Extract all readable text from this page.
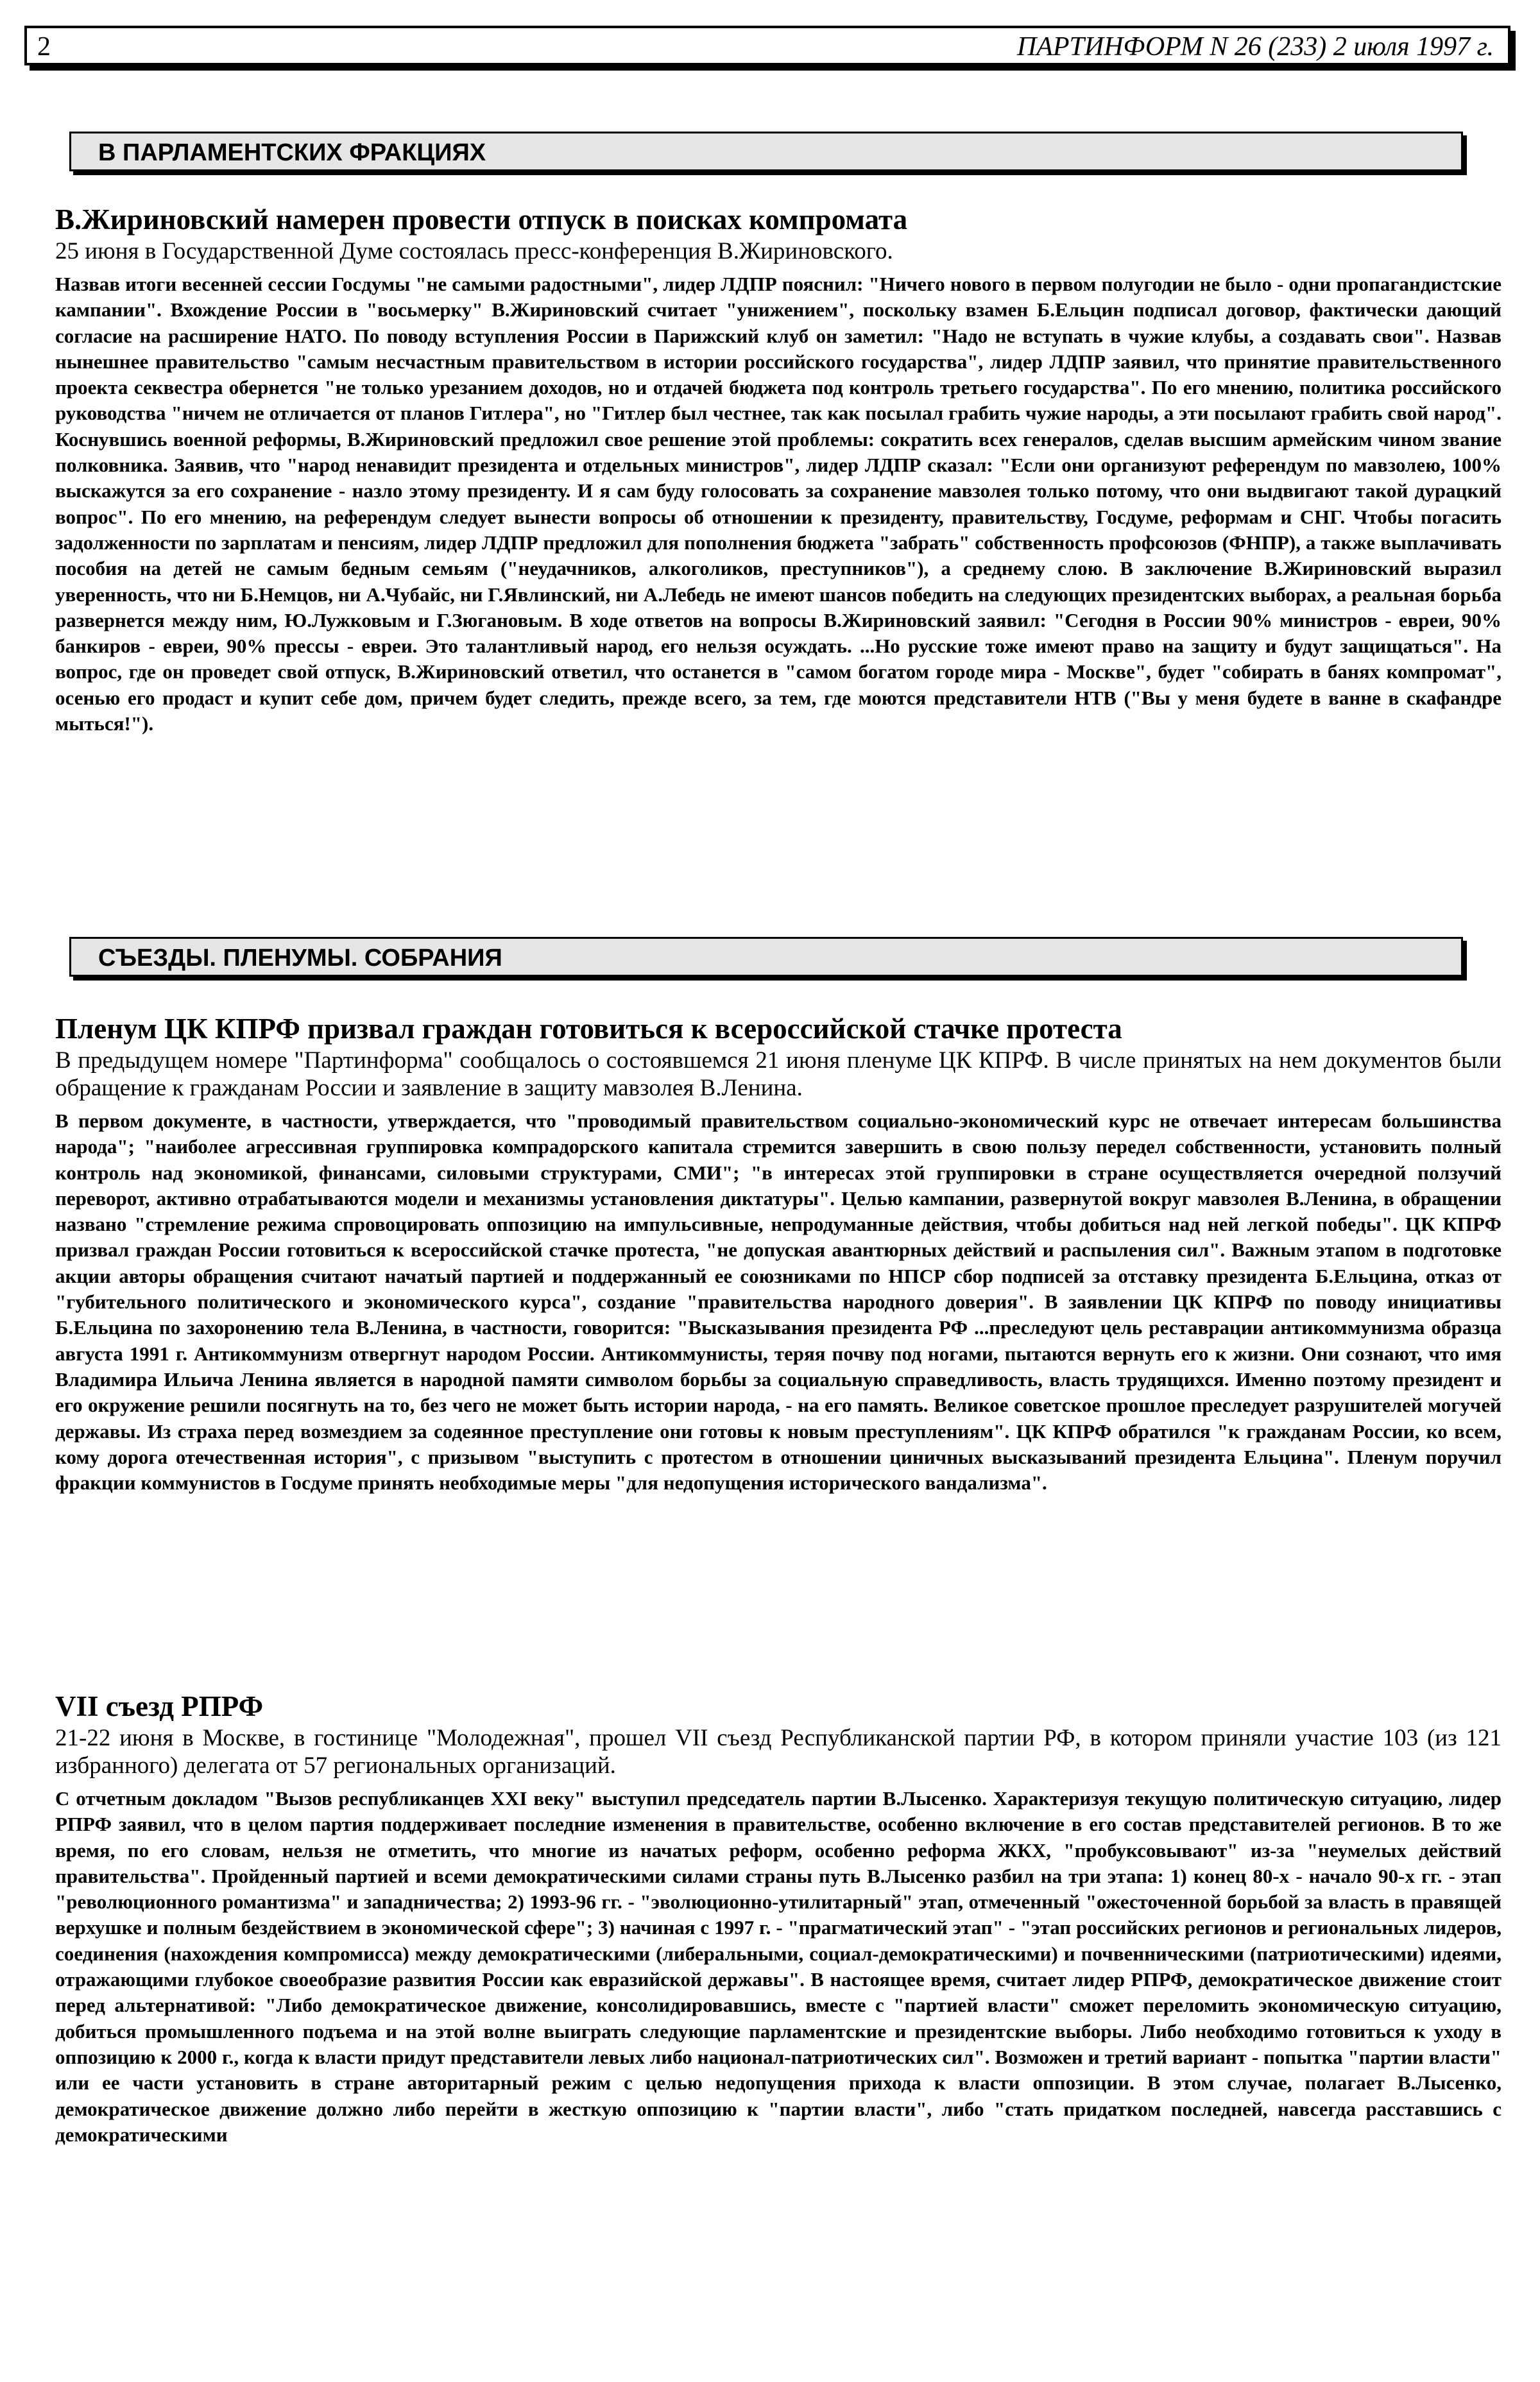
2	ПАРТИНФОРМ N 26 (233) 2 июля 1997 г.
В ПАРЛАМЕНТСКИХ ФРАКЦИЯХ
В.Жириновский намерен провести отпуск в поисках компромата

25 июня в Государственной Думе состоялась пресс-конференция В.Жириновского.

Назвав итоги весенней сессии Госдумы "не самыми радостными", лидер ЛДПР пояснил: "Ничего нового в первом полугодии не было - одни пропагандистские кампании". Вхождение России в "восьмерку" В.Жириновский считает "унижением", поскольку взамен Б.Ельцин подписал договор, фактически дающий согласие на расширение НАТО. По поводу вступления России в Парижский клуб он заметил: "Надо не вступать в чужие клубы, а создавать свои". Назвав нынешнее правительство "самым несчастным правительством в истории российского государства", лидер ЛДПР заявил, что принятие правительственного проекта секвестра обернется "не только урезанием доходов, но и отдачей бюджета под контроль третьего государства". По его мнению, политика российского руководства "ничем не отличается от планов Гитлера", но "Гитлер был честнее, так как посылал грабить чужие народы, а эти посылают грабить свой народ". Коснувшись военной реформы, В.Жириновский предложил свое решение этой проблемы: сократить всех генералов, сделав высшим армейским чином звание полковника. Заявив, что "народ ненавидит президента и отдельных министров", лидер ЛДПР сказал: "Если они организуют референдум по мавзолею, 100% выскажутся за его сохранение - назло этому президенту. И я сам буду голосовать за сохранение мавзолея только потому, что они выдвигают такой дурацкий вопрос". По его мнению, на референдум следует вынести вопросы об отношении к президенту, правительству, Госдуме, реформам и СНГ. Чтобы погасить задолженности по зарплатам и пенсиям, лидер ЛДПР предложил для пополнения бюджета "забрать" собственность профсоюзов (ФНПР), а также выплачивать пособия на детей не самым бедным семьям ("неудачников, алкоголиков, преступников"), а среднему слою. В заключение В.Жириновский выразил уверенность, что ни Б.Немцов, ни А.Чубайс, ни Г.Явлинский, ни А.Лебедь не имеют шансов победить на следующих президентских выборах, а реальная борьба развернется между ним, Ю.Лужковым и Г.Зюгановым. В ходе ответов на вопросы В.Жириновский заявил: "Сегодня в России 90% министров - евреи, 90% банкиров - евреи, 90% прессы - евреи. Это талантливый народ, его нельзя осуждать. ...Но русские тоже имеют право на защиту и будут защищаться". На вопрос, где он проведет свой отпуск, В.Жириновский ответил, что останется в "самом богатом городе мира - Москве", будет "собирать в банях компромат", осенью его продаст и купит себе дом, причем будет следить, прежде всего, за тем, где моются представители НТВ ("Вы у меня будете в ванне в скафандре мыться!").

СЪЕЗДЫ. ПЛЕНУМЫ. СОБРАНИЯ
Пленум ЦК КПРФ призвал граждан готовиться к всероссийской стачке протеста

В предыдущем номере "Партинформа" сообщалось о состоявшемся 21 июня пленуме ЦК КПРФ. В числе принятых на нем документов были обращение к гражданам России и заявление в защиту мавзолея В.Ленина.

В первом документе, в частности, утверждается, что "проводимый правительством социально-экономический курс не отвечает интересам большинства народа"; "наиболее агрессивная группировка компрадорского капитала стремится завершить в свою пользу передел собственности, установить полный контроль над экономикой, финансами, силовыми структурами, СМИ"; "в интересах этой группировки в стране осуществляется очередной ползучий переворот, активно отрабатываются модели и механизмы установления диктатуры". Целью кампании, развернутой вокруг мавзолея В.Ленина, в обращении названо "стремление режима спровоцировать оппозицию на импульсивные, непродуманные действия, чтобы добиться над ней легкой победы". ЦК КПРФ призвал граждан России готовиться к всероссийской стачке протеста, "не допуская авантюрных действий и распыления сил". Важным этапом в подготовке акции авторы обращения считают начатый партией и поддержанный ее союзниками по НПСР сбор подписей за отставку президента Б.Ельцина, отказ от "губительного политического и экономического курса", создание "правительства народного доверия". В заявлении ЦК КПРФ по поводу инициативы Б.Ельцина по захоронению тела В.Ленина, в частности, говорится: "Высказывания президента РФ ...преследуют цель реставрации антикоммунизма образца августа 1991 г. Антикоммунизм отвергнут народом России. Антикоммунисты, теряя почву под ногами, пытаются вернуть его к жизни. Они сознают, что имя Владимира Ильича Ленина является в народной памяти символом борьбы за социальную справедливость, власть трудящихся. Именно поэтому президент и его окружение решили посягнуть на то, без чего не может быть истории народа, - на его память. Великое советское прошлое преследует разрушителей могучей державы. Из страха перед возмездием за содеянное преступление они готовы к новым преступлениям". ЦК КПРФ обратился "к гражданам России, ко всем, кому дорога отечественная история", с призывом "выступить с протестом в отношении циничных высказываний президента Ельцина". Пленум поручил фракции коммунистов в Госдуме принять необходимые меры "для недопущения исторического вандализма".

VII съезд РПРФ

21-22 июня в Москве, в гостинице "Молодежная", прошел VII съезд Республиканской партии РФ, в котором приняли участие 103 (из 121 избранного) делегата от 57 региональных организаций.

С отчетным докладом "Вызов республиканцев XXI веку" выступил председатель партии В.Лысенко. Характеризуя текущую политическую ситуацию, лидер РПРФ заявил, что в целом партия поддерживает последние изменения в правительстве, особенно включение в его состав представителей регионов. В то же время, по его словам, нельзя не отметить, что многие из начатых реформ, особенно реформа ЖКХ, "пробуксовывают" из-за "неумелых действий правительства". Пройденный партией и всеми демократическими силами страны путь В.Лысенко разбил на три этапа: 1) конец 80-х - начало 90-х гг. - этап "революционного романтизма" и западничества; 2) 1993-96 гг. - "эволюционно-утилитарный" этап, отмеченный "ожесточенной борьбой за власть в правящей верхушке и полным бездействием в экономической сфере"; 3) начиная с 1997 г. - "прагматический этап" - "этап российских регионов и региональных лидеров, соединения (нахождения компромисса) между демократическими (либеральными, социал-демократическими) и почвенническими (патриотическими) идеями, отражающими глубокое своеобразие развития России как евразийской державы". В настоящее время, считает лидер РПРФ, демократическое движение стоит перед альтернативой: "Либо демократическое движение, консолидировавшись, вместе с "партией власти" сможет переломить экономическую ситуацию, добиться промышленного подъема и на этой волне выиграть следующие парламентские и президентские выборы. Либо необходимо готовиться к уходу в оппозицию к 2000 г., когда к власти придут представители левых либо национал-патриотических сил". Возможен и третий вариант - попытка "партии власти" или ее части установить в стране авторитарный режим с целью недопущения прихода к власти оппозиции. В этом случае, полагает В.Лысенко, демократическое движение должно либо перейти в жесткую оппозицию к "партии власти", либо "стать придатком последней, навсегда расставшись с демократическими
